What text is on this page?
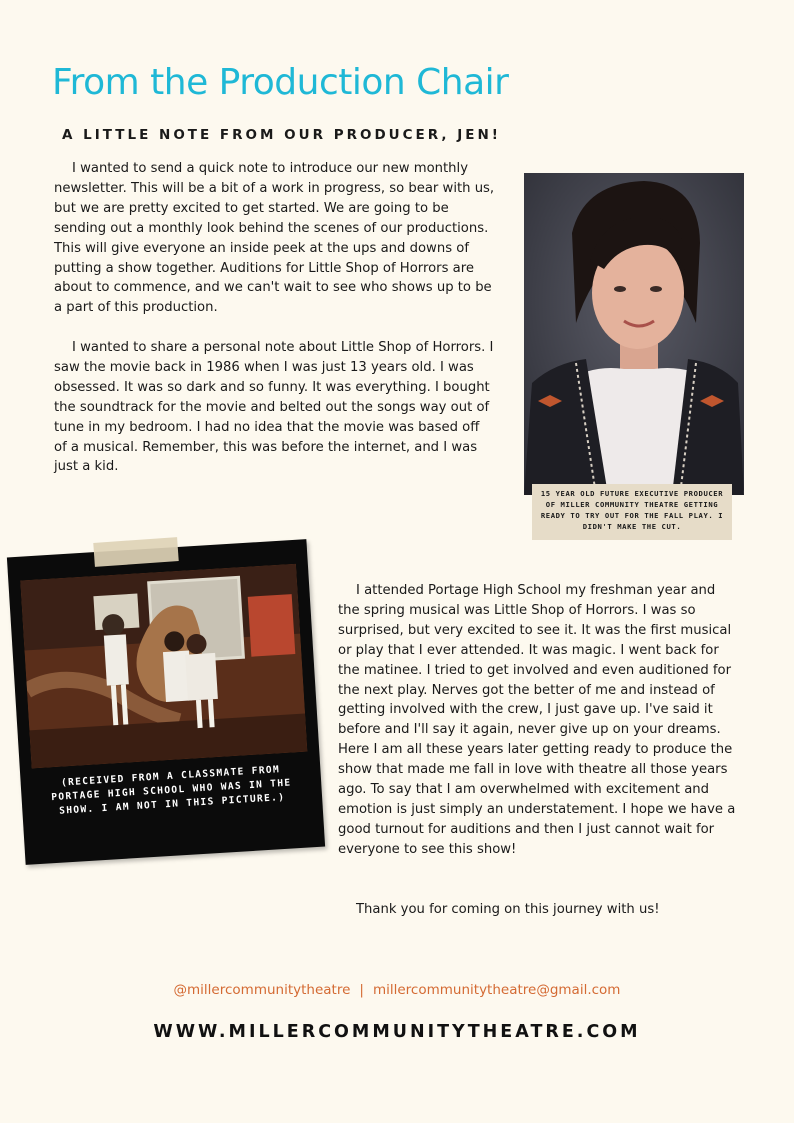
From the Production Chair
A LITTLE NOTE FROM OUR PRODUCER, JEN!

I wanted to send a quick note to introduce our new monthly newsletter. This will be a bit of a work in progress, so bear with us, but we are pretty excited to get started. We are going to be sending out a monthly look behind the scenes of our productions. This will give everyone an inside peek at the ups and downs of putting a show together. Auditions for Little Shop of Horrors are about to commence, and we can't wait to see who shows up to be a part of this production.

I wanted to share a personal note about Little Shop of Horrors. I saw the movie back in 1986 when I was just 13 years old. I was obsessed. It was so dark and so funny. It was everything. I bought the soundtrack for the movie and belted out the songs way out of tune in my bedroom. I had no idea that the movie was based off of a musical. Remember, this was before the internet, and I was just a kid.

15 YEAR OLD FUTURE EXECUTIVE PRODUCER OF MILLER COMMUNITY THEATRE GETTING READY TO TRY OUT FOR THE FALL PLAY. I DIDN'T MAKE THE CUT.
(RECEIVED FROM A CLASSMATE FROM PORTAGE HIGH SCHOOL WHO WAS IN THE SHOW. I AM NOT IN THIS PICTURE.)

I attended Portage High School my freshman year and the spring musical was Little Shop of Horrors. I was so surprised, but very excited to see it. It was the first musical or play that I ever attended. It was magic. I went back for the matinee. I tried to get involved and even auditioned for the next play. Nerves got the better of me and instead of getting involved with the crew, I just gave up. I've said it before and I'll say it again, never give up on your dreams. Here I am all these years later getting ready to produce the show that made me fall in love with theatre all those years ago. To say that I am overwhelmed with excitement and emotion is just simply an understatement. I hope we have a good turnout for auditions and then I just cannot wait for everyone to see this show!

Thank you for coming on this journey with us!

@millercommunitytheatre | millercommunitytheatre@gmail.com
WWW.MILLERCOMMUNITYTHEATRE.COM
